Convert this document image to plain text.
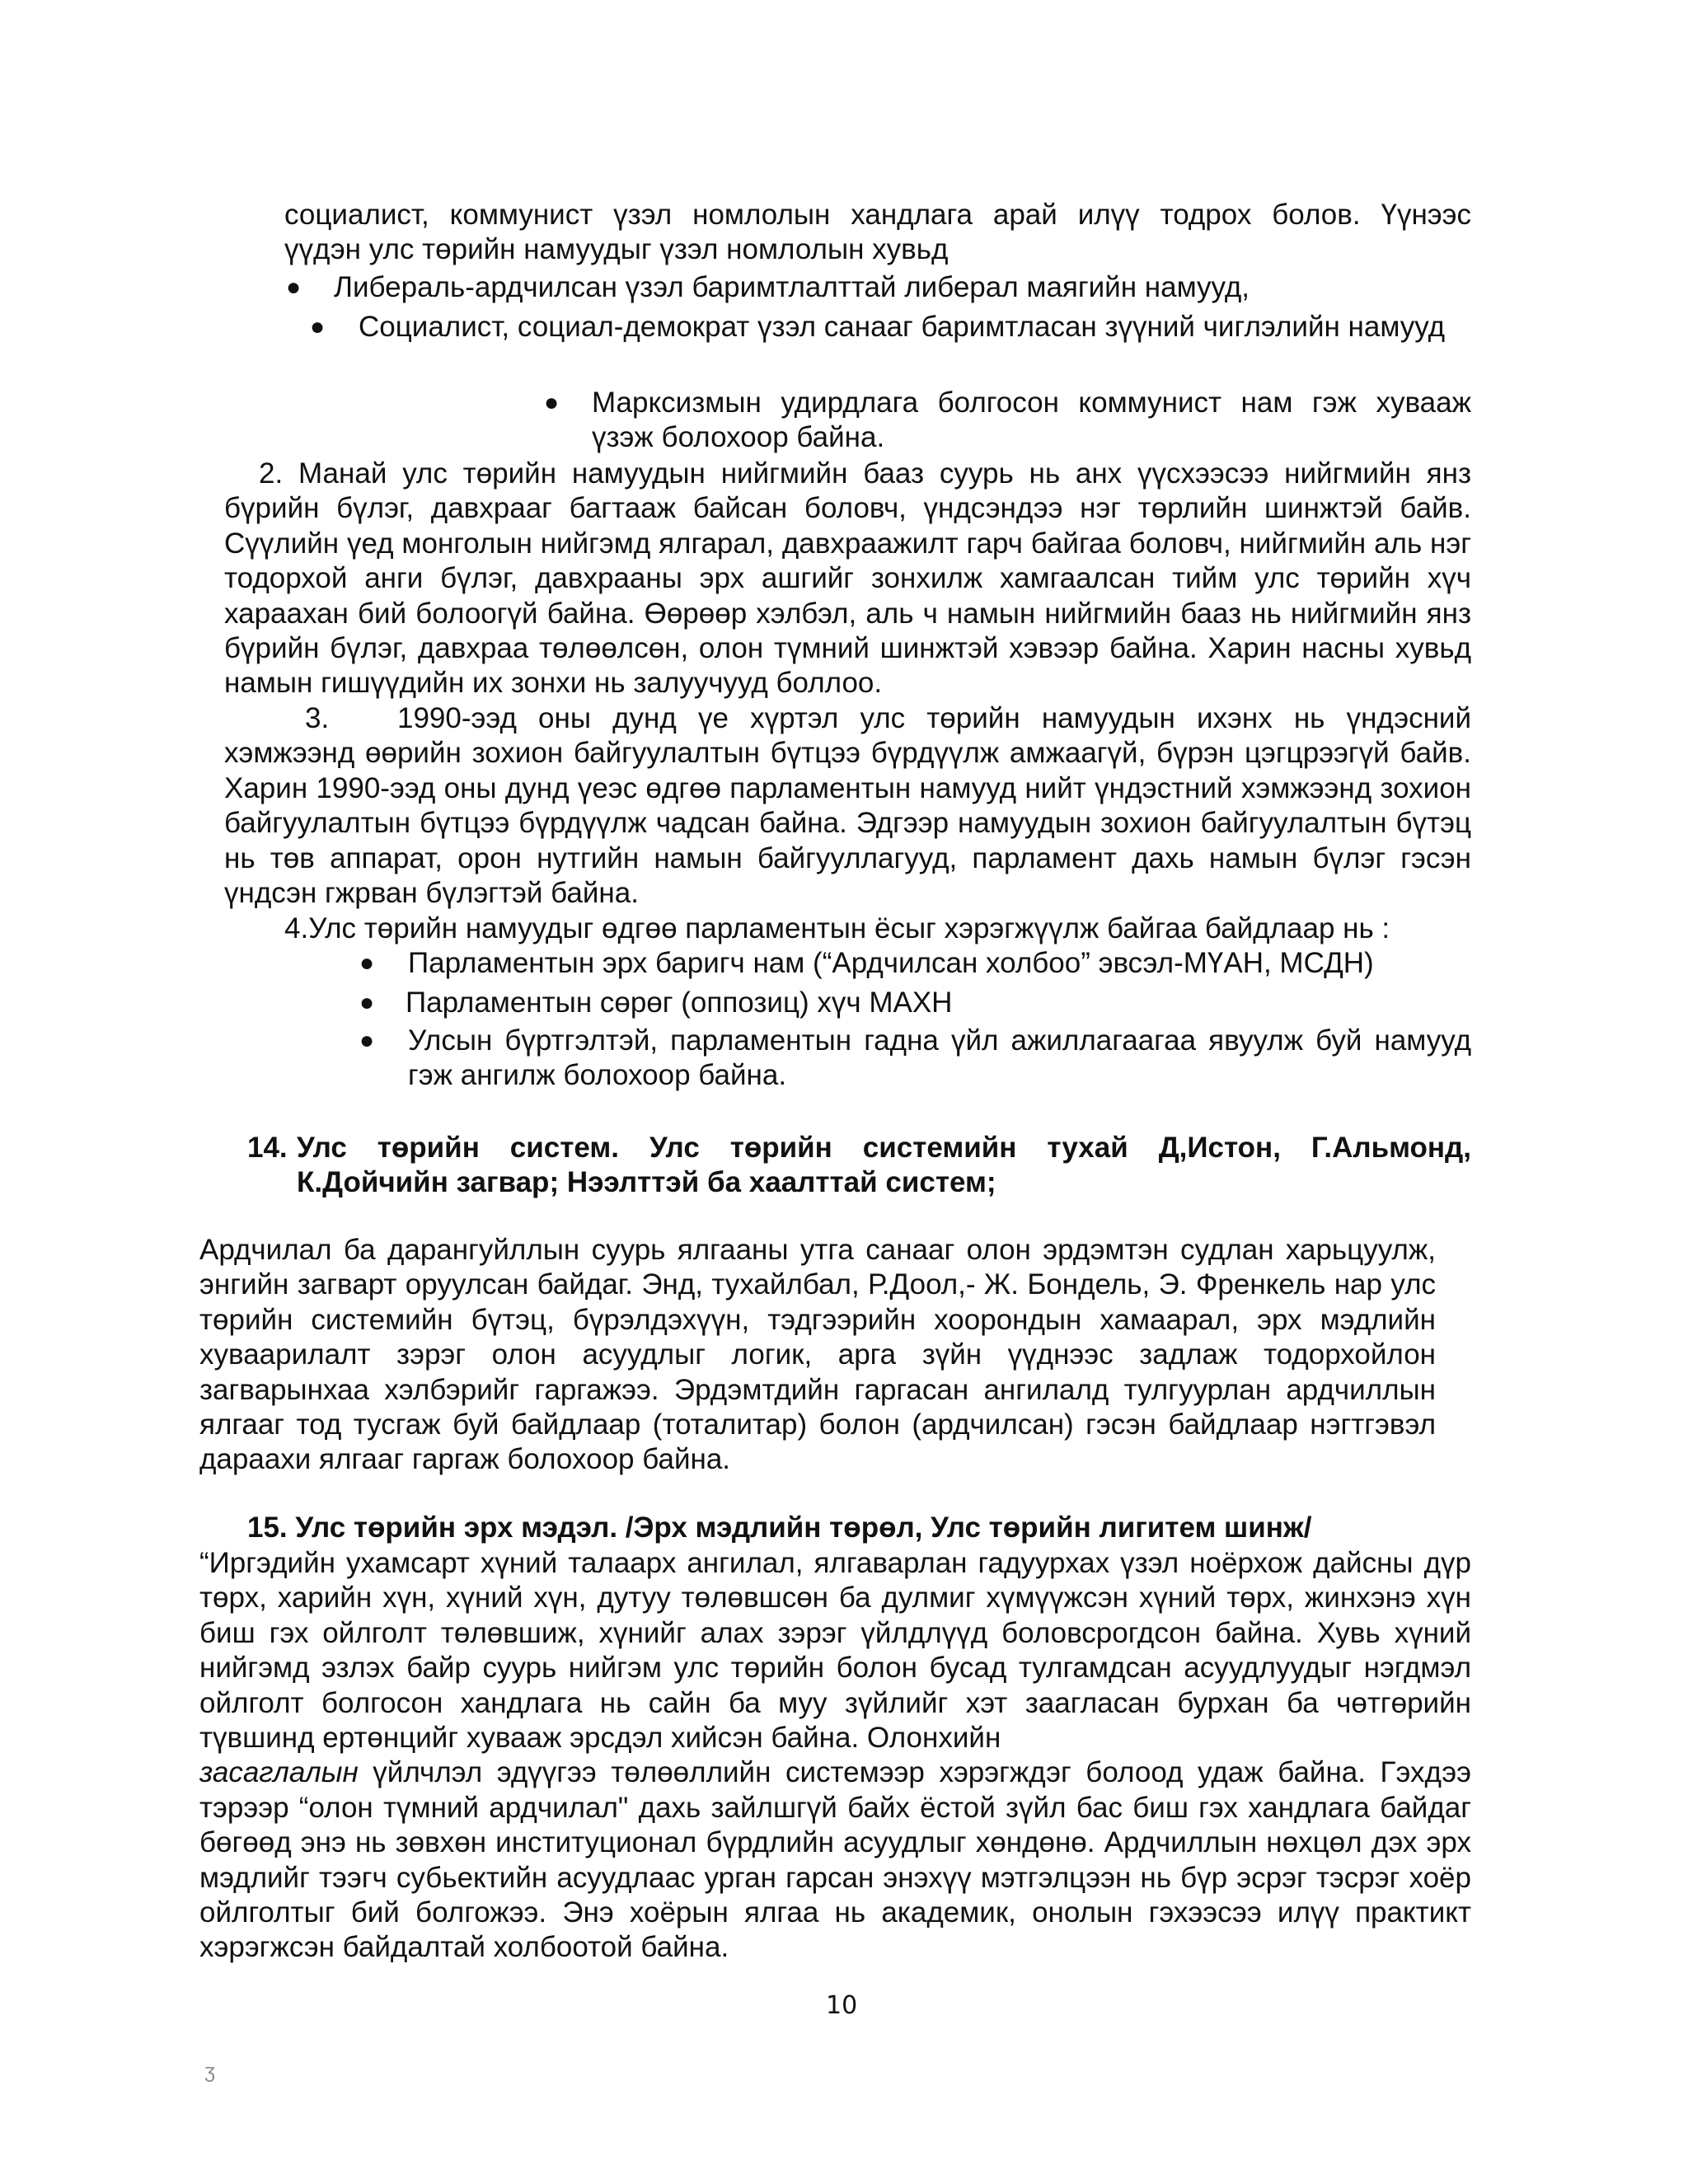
социалист, коммунист үзэл номлолын хандлага арай илүү тодрох болов. Үүнээс

үүдэн улс төрийн намуудыг үзэл номлолын хувьд

● Либераль-ардчилсан үзэл баримтлалттай либерал маягийн намууд,
● Социалист, социал-демократ үзэл санааг баримтласан зүүний чиглэлийн намууд
● Марксизмын удирдлага болгосон коммунист нам гэж хувааж үзэж болохоор байна.

2. Манай улс төрийн намуудын нийгмийн бааз суурь нь анх үүсхээсээ нийгмийн янз бүрийн бүлэг, давхрааг багтааж байсан боловч, үндсэндээ нэг төрлийн шинжтэй байв. Сүүлийн үед монголын нийгэмд ялгарал, давхраажилт гарч байгаа боловч, нийгмийн аль нэг тодорхой анги бүлэг, давхрааны эрх ашгийг зонхилж хамгаалсан тийм улс төрийн хүч хараахан бий болоогүй байна. Өөрөөр хэлбэл, аль ч намын нийгмийн бааз нь нийгмийн янз бүрийн бүлэг, давхраа төлөөлсөн, олон түмний шинжтэй хэвээр байна. Харин насны хувьд намын гишүүдийн их зонхи нь залуучууд боллоо.

3. 1990-ээд оны дунд үе хүртэл улс төрийн намуудын ихэнх нь үндэсний хэмжээнд өөрийн зохион байгуулалтын бүтцээ бүрдүүлж амжаагүй, бүрэн цэгцрээгүй байв. Харин 1990-ээд оны дунд үеэс өдгөө парламентын намууд нийт үндэстний хэмжээнд зохион байгуулалтын бүтцээ бүрдүүлж чадсан байна. Эдгээр намуудын зохион байгуулалтын бүтэц нь төв аппарат, орон нутгийн намын байгууллагууд, парламент дахь намын бүлэг гэсэн үндсэн гжрван бүлэгтэй байна.

4.Улс төрийн намуудыг өдгөө парламентын ёсыг хэрэгжүүлж байгаа байдлаар нь :
● Парламентын эрх баригч нам (“Ардчилсан холбоо” эвсэл-МҮАН, МСДН)
● Парламентын сөрөг (оппозиц) хүч МАХН
● Улсын бүртгэлтэй, парламентын гадна үйл ажиллагаагаа явуулж буй намууд гэж ангилж болохоор байна.
14. Улс төрийн систем. Улс төрийн системийн тухай Д,Истон, Г.Альмонд,
К.Дойчийн загвар; Нээлттэй ба хаалттай систем;
Ардчилал ба дарангуйллын суурь ялгааны утга санааг олон эрдэмтэн судлан харьцуулж, энгийн загварт оруулсан байдаг. Энд, тухайлбал, Р.Доол,- Ж. Бондель, Э. Френкель нар улс төрийн системийн бүтэц, бүрэлдэхүүн, тэдгээрийн хоорондын хамаарал, эрх мэдлийн хуваарилалт зэрэг олон асуудлыг логик, арга зүйн үүднээс задлаж тодорхойлон загварынхаа хэлбэрийг гаргажээ. Эрдэмтдийн гаргасан ангилалд тулгуурлан ардчиллын ялгааг тод тусгаж буй байдлаар (тоталитар) болон (ардчилсан) гэсэн байдлаар нэгтгэвэл дараахи ялгааг гаргаж болохоор байна.
15. Улс төрийн эрх мэдэл. /Эрх мэдлийн төрөл, Улс төрийн лигитем шинж/

“Иргэдийн ухамсарт хүний талаарх ангилал, ялгаварлан гадуурхах үзэл ноёрхож дайсны дүр төрх, харийн хүн, хүний хүн, дутуу төлөвшсөн ба дулмиг хүмүүжсэн хүний төрх, жинхэнэ хүн биш гэх ойлголт төлөвшиж, хүнийг алах зэрэг үйлдлүүд боловсрогдсон байна. Хувь хүний нийгэмд эзлэх байр суурь нийгэм улс төрийн болон бусад тулгамдсан асуудлуудыг нэгдмэл ойлголт болгосон хандлага нь сайн ба муу зүйлийг хэт заагласан бурхан ба чөтгөрийн түвшинд ертөнцийг хувааж эрсдэл хийсэн байна. Олонхийн
засаглалын үйлчлэл эдүүгээ төлөөллийн системээр хэрэгждэг болоод удаж байна. Гэхдээ тэрээр “олон түмний ардчилал" дахь зайлшгүй байх ёстой зүйл бас биш гэх хандлага байдаг бөгөөд энэ нь зөвхөн институционал бүрдлийн асуудлыг хөндөнө. Ардчиллын нөхцөл дэх эрх мэдлийг тээгч субьектийн асуудлаас урган гарсан энэхүү мэтгэлцээн нь бүр эсрэг тэсрэг хоёр ойлголтыг бий болгожээ. Энэ хоёрын ялгаа нь академик, онолын гэхээсээ илүү практикт хэрэгжсэн байдалтай холбоотой байна.

10
ʒ
